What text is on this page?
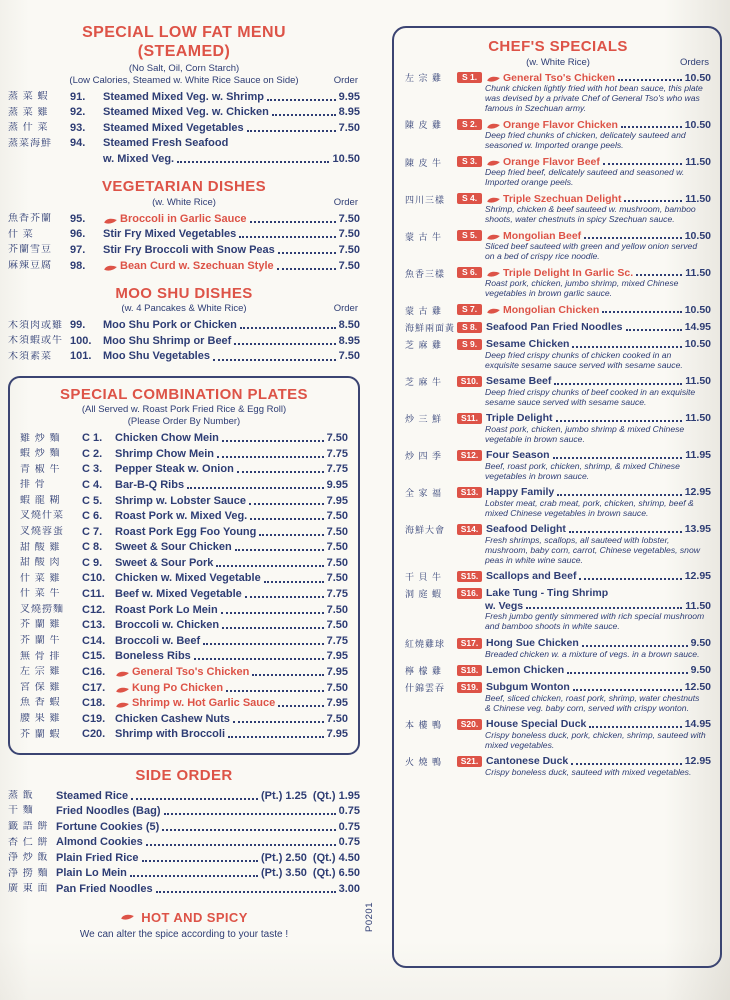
SPECIAL LOW FAT MENU
(STEAMED)
(No Salt, Oil, Corn Starch)
(Low Calories, Steamed w. White Rice Sauce on Side)	Order
蒸 菜 蝦	91.	Steamed Mixed Veg. w. Shrimp	9.95
蒸 菜 雞	92.	Steamed Mixed Veg. w. Chicken	8.95
蒸 什 菜	93.	Steamed Mixed Vegetables	7.50
蒸菜海鮮	94.	Steamed Fresh Seafood
w. Mixed Veg.	10.50
VEGETARIAN DISHES
(w. White Rice)	Order
魚香芥蘭	95.	Broccoli in Garlic Sauce	7.50
什 菜	96.	Stir Fry Mixed Vegetables	7.50
芥蘭雪豆	97.	Stir Fry Broccoli with Snow Peas	7.50
麻辣豆腐	98.	Bean Curd w. Szechuan Style	7.50
MOO SHU DISHES
(w. 4 Pancakes & White Rice)	Order
木須肉或雞 99.	Moo Shu Pork or Chicken	8.50
木須蝦或牛 100.	Moo Shu Shrimp or Beef	8.95
木須素菜	101.	Moo Shu Vegetables	7.50
SPECIAL COMBINATION PLATES
(All Served w. Roast Pork Fried Rice & Egg Roll)
(Please Order By Number)
雞 炒 麵	C 1.	Chicken Chow Mein	7.50
蝦 炒 麵	C 2.	Shrimp Chow Mein	7.75
青 椒 牛	C 3.	Pepper Steak w. Onion	7.75
排 骨	C 4.	Bar-B-Q Ribs	9.95
蝦 龍 糊	C 5.	Shrimp w. Lobster Sauce	7.95
叉燒什菜	C 6.	Roast Pork w. Mixed Veg.	7.50
叉燒蓉蛋	C 7.	Roast Pork Egg Foo Young	7.50
甜 酸 雞	C 8.	Sweet & Sour Chicken	7.50
甜 酸 肉	C 9.	Sweet & Sour Pork	7.50
什 菜 雞	C10. Chicken w. Mixed Vegetable	7.50
什 菜 牛	C11. Beef w. Mixed Vegetable	7.75
叉燒撈麵	C12. Roast Pork Lo Mein	7.50
芥 蘭 雞	C13. Broccoli w. Chicken	7.50
芥 蘭 牛	C14. Broccoli w. Beef	7.75
無 骨 排	C15. Boneless Ribs	7.95
左 宗 雞	C16.	General Tso's Chicken	7.95
宮 保 雞	C17.	Kung Po Chicken	7.50
魚 香 蝦	C18.	Shrimp w. Hot Garlic Sauce	7.95
腰 果 雞	C19. Chicken Cashew Nuts	7.50
芥 蘭 蝦	C20. Shrimp with Broccoli	7.95
SIDE ORDER
蒸 飯	Steamed Rice	(Pt.) 1.25  (Qt.) 1.95
干 麵	Fried Noodles (Bag)	0.75
籤 語 餅 Fortune Cookies (5)	0.75
杏 仁 餅 Almond Cookies	0.75
淨 炒 飯 Plain Fried Rice	(Pt.) 2.50  (Qt.) 4.50
淨 撈 麵 Plain Lo Mein	(Pt.) 3.50  (Qt.) 6.50
廣 東 面 Pan Fried Noodles	3.00
HOT AND SPICY
We can alter the spice according to your taste !
CHEF'S SPECIALS
(w. White Rice)	Orders
左 宗 雞	S 1.	General Tso's Chicken	10.50
Chunk chicken lightly fried with hot bean sauce, this plate was devised by a private Chef of General Tso's who was famous in Szechuan army.
陳 皮 雞	S 2.	Orange Flavor Chicken	10.50
Deep fried chunks of chicken, delicately sauteed and seasoned w. Imported orange peels.
陳 皮 牛	S 3.	Orange Flavor Beef	11.50
Deep fried beef, delicately sauteed and seasoned w. Imported orange peels.
四川三樣	S 4.	Triple Szechuan Delight	11.50
Shrimp, chicken & beef sauteed w. mushroom, bamboo shoots, water chestnuts in spicy Szechuan sauce.
蒙 古 牛	S 5.	Mongolian Beef	10.50
Sliced beef sauteed with green and yellow onion served on a bed of crispy rice noodle.
魚香三樣	S 6.	Triple Delight In Garlic Sc.	11.50
Roast pork, chicken, jumbo shrimp, mixed Chinese vegetables in brown garlic sauce.
蒙 古 雞	S 7.	Mongolian Chicken	10.50
海鮮兩面黃 S 8. Seafood Pan Fried Noodles	14.95
芝 麻 雞	S 9. Sesame Chicken	10.50
Deep fried crispy chunks of chicken cooked in an exquisite sesame sauce served with sesame sauce.
芝 麻 牛	S10. Sesame Beef	11.50
Deep fried crispy chunks of beef cooked in an exquisite sesame sauce served with sesame sauce.
炒 三 鮮	S11. Triple Delight	11.50
Roast pork, chicken, jumbo shrimp & mixed Chinese vegetable in brown sauce.
炒 四 季	S12. Four Season	11.95
Beef, roast pork, chicken, shrimp, & mixed Chinese vegetables in brown sauce.
全 家 福	S13. Happy Family	12.95
Lobster meat, crab meat, pork, chicken, shrimp, beef & mixed Chinese vegetables in brown sauce.
海鮮大會	S14. Seafood Delight	13.95
Fresh shrimps, scallops, all sauteed with lobster, mushroom, baby corn, carrot, Chinese vegetables, snow peas in white wine sauce.
干 貝 牛	S15. Scallops and Beef	12.95
洞 庭 蝦	S16. Lake Tung - Ting Shrimp
w. Vegs	11.50
Fresh jumbo gently simmered with rich special mushroom and bamboo shoots in white sauce.
紅燒雞球	S17. Hong Sue Chicken	9.50
Breaded chicken w. a mixture of vegs. in a brown sauce.
檸 檬 雞	S18. Lemon Chicken	9.50
什錦雲吞	S19. Subgum Wonton	12.50
Beef, sliced chicken, roast pork, shrimp, water chestnuts & Chinese veg. baby corn, served with crispy wonton.
本 樓 鴨	S20. House Special Duck	14.95
Crispy boneless duck, pork, chicken, shrimp, sauteed with mixed vegetables.
火 燒 鴨	S21. Cantonese Duck	12.95
Crispy boneless duck, sauteed with mixed vegetables.
P0201
